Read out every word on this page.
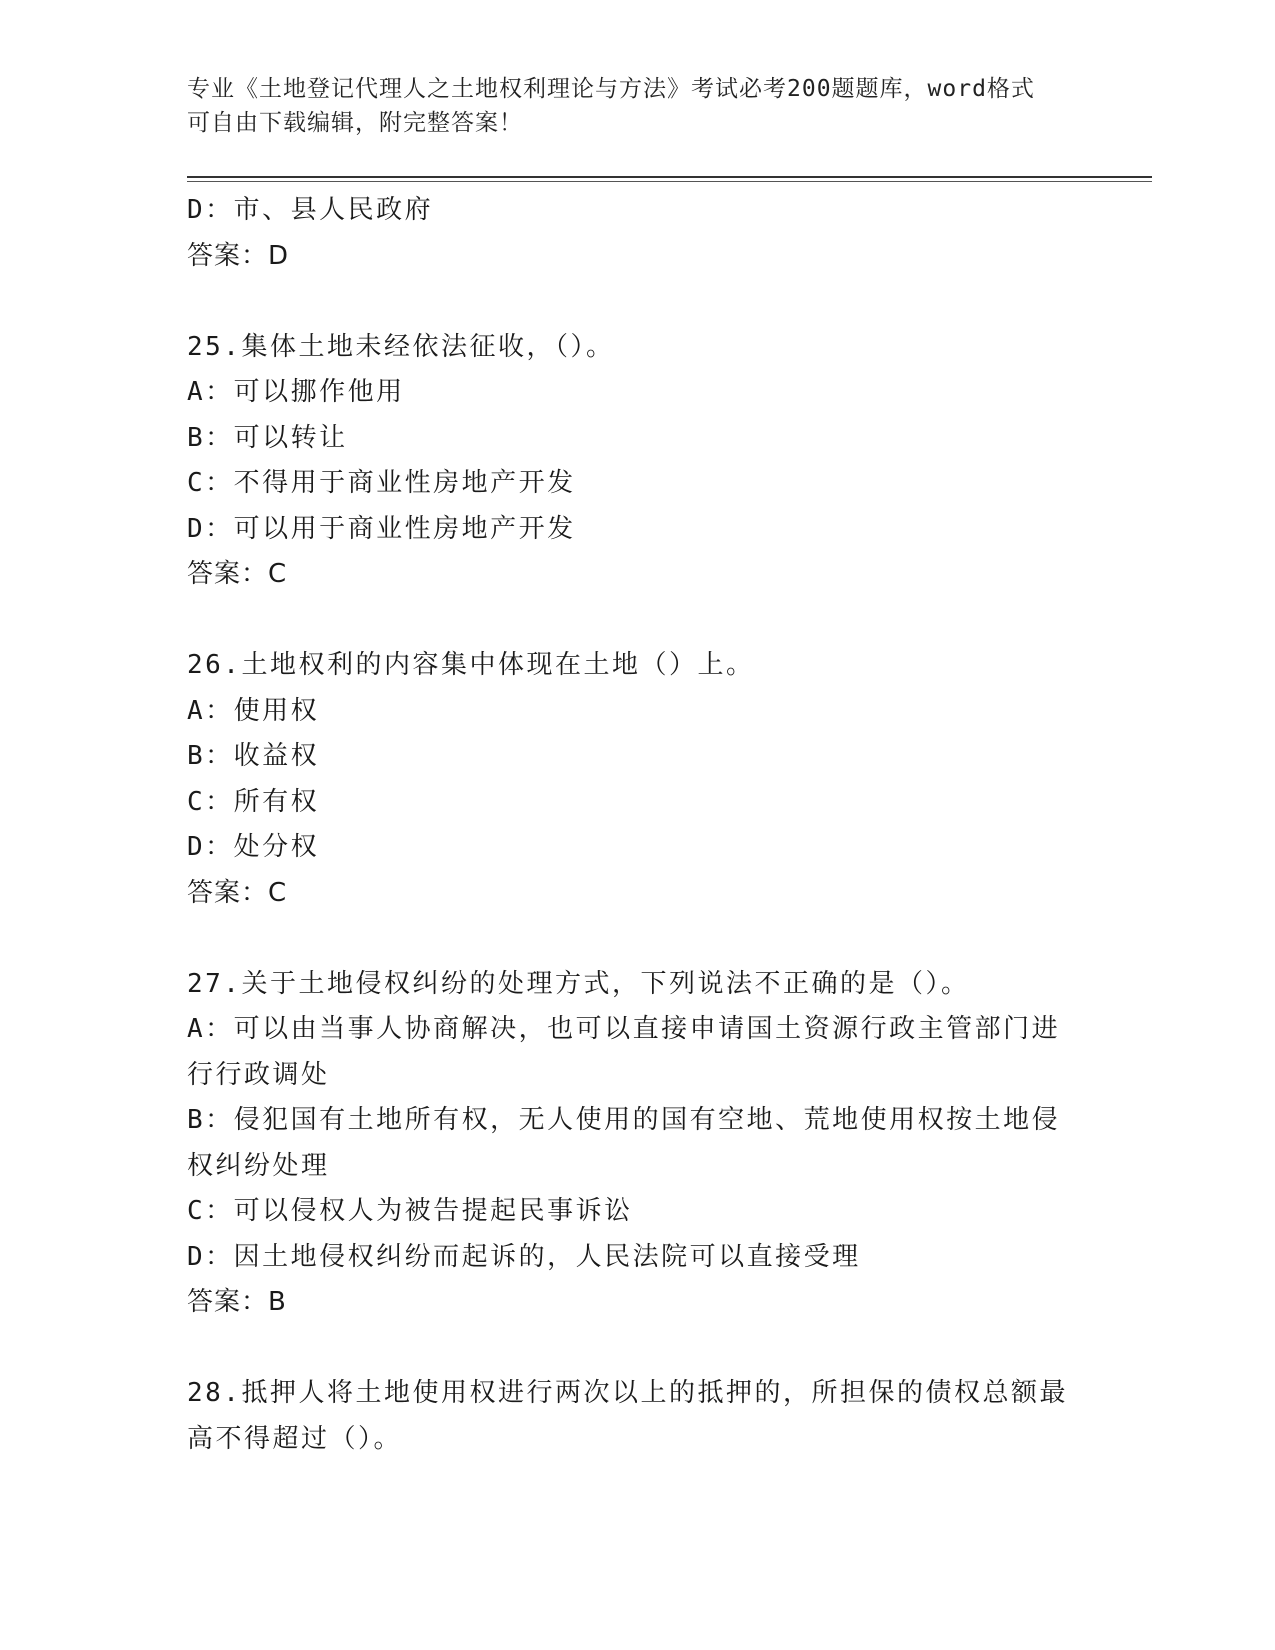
专业《土地登记代理人之土地权利理论与方法》考试必考200题题库，word格式
可自由下载编辑，附完整答案！
D：市、县人民政府
答案：D
25.集体土地未经依法征收，（）。
A：可以挪作他用
B：可以转让
C：不得用于商业性房地产开发
D：可以用于商业性房地产开发
答案：C
26.土地权利的内容集中体现在土地（）上。
A：使用权
B：收益权
C：所有权
D：处分权
答案：C
27.关于土地侵权纠纷的处理方式，下列说法不正确的是（）。
A：可以由当事人协商解决，也可以直接申请国土资源行政主管部门进
行行政调处
B：侵犯国有土地所有权，无人使用的国有空地、荒地使用权按土地侵
权纠纷处理
C：可以侵权人为被告提起民事诉讼
D：因土地侵权纠纷而起诉的，人民法院可以直接受理
答案：B
28.抵押人将土地使用权进行两次以上的抵押的，所担保的债权总额最
高不得超过（）。
